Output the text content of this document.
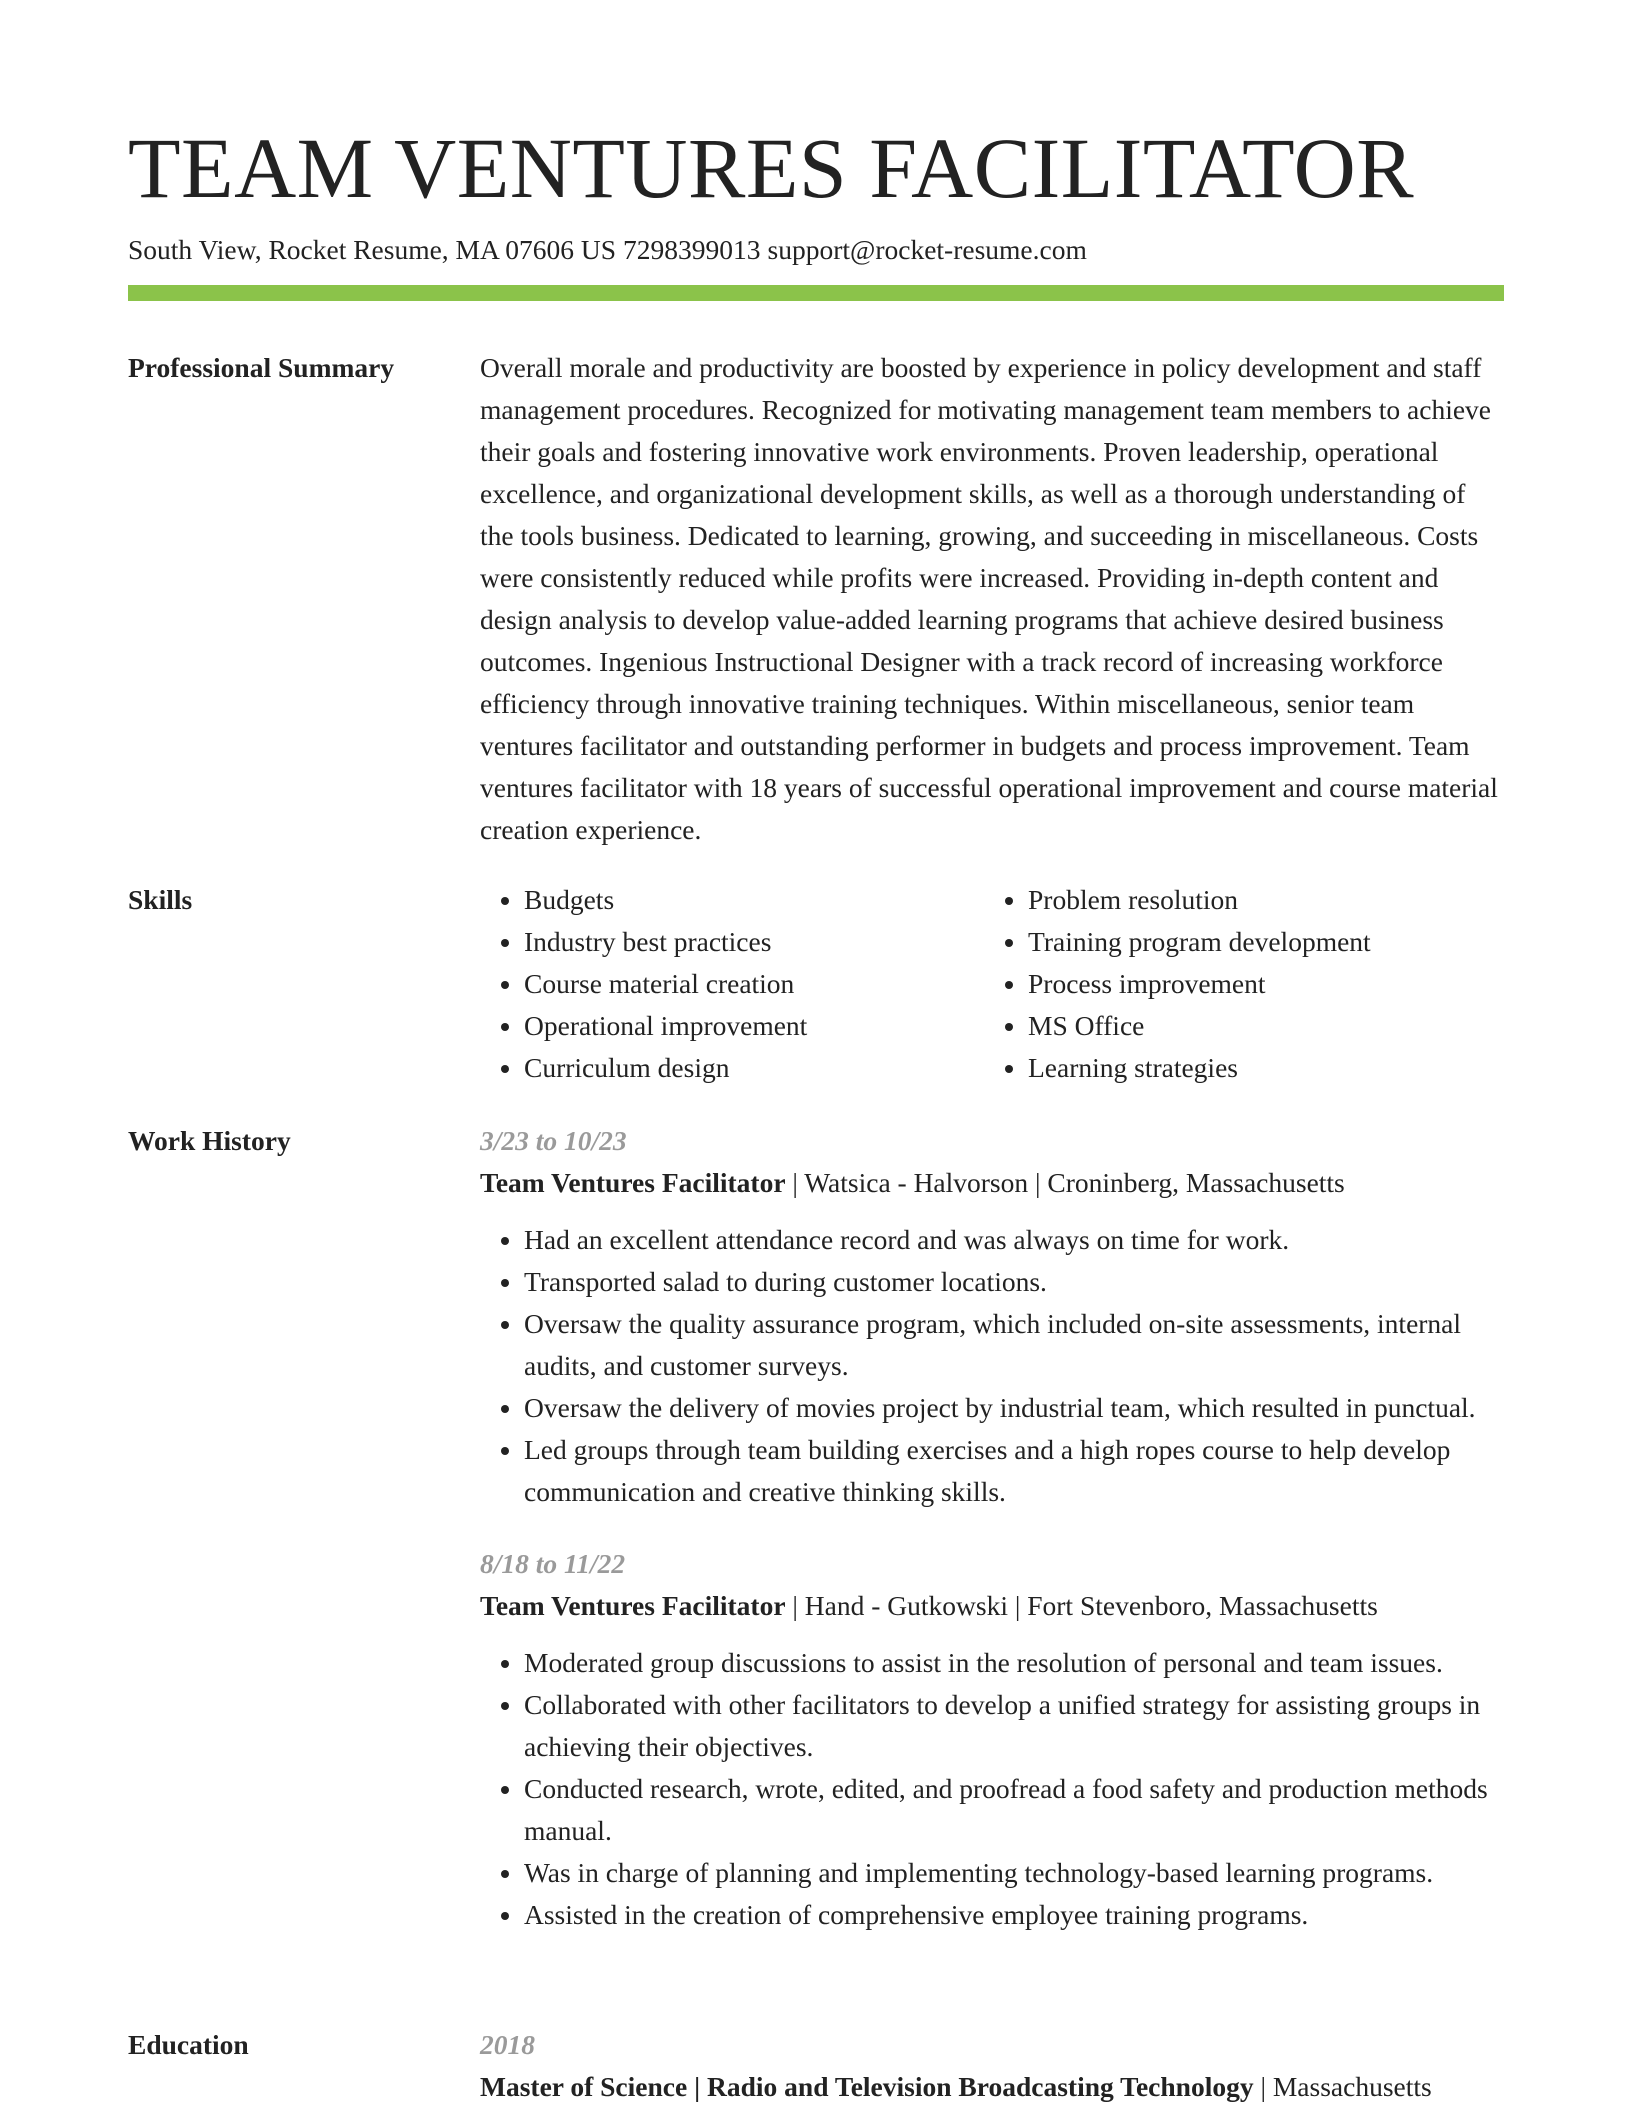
TEAM VENTURES FACILITATOR
South View, Rocket Resume, MA 07606 US 7298399013 support@rocket-resume.com
Professional Summary	Overall morale and productivity are boosted by experience in policy development and staff management procedures. Recognized for motivating management team members to achieve their goals and fostering innovative work environments. Proven leadership, operational excellence, and organizational development skills, as well as a thorough understanding of the tools business. Dedicated to learning, growing, and succeeding in miscellaneous. Costs were consistently reduced while profits were increased. Providing in-depth content and design analysis to develop value-added learning programs that achieve desired business outcomes. Ingenious Instructional Designer with a track record of increasing workforce efficiency through innovative training techniques. Within miscellaneous, senior team ventures facilitator and outstanding performer in budgets and process improvement. Team ventures facilitator with 18 years of successful operational improvement and course material creation experience.

Skills
•	Budgets
• Industry best practices
• Course material creation
• Operational improvement
• Curriculum design
• Problem resolution
• Training program development
• Process improvement
• MS Office
• Learning strategies
Work History	3/23 to 10/23
Team Ventures Facilitator | Watsica - Halvorson | Croninberg, Massachusetts
• Had an excellent attendance record and was always on time for work.
• Transported salad to during customer locations.
• Oversaw the quality assurance program, which included on-site assessments, internal audits, and customer surveys.
• Oversaw the delivery of movies project by industrial team, which resulted in punctual.
• Led groups through team building exercises and a high ropes course to help develop communication and creative thinking skills.
8/18 to 11/22
Team Ventures Facilitator | Hand - Gutkowski | Fort Stevenboro, Massachusetts
• Moderated group discussions to assist in the resolution of personal and team issues.
• Collaborated with other facilitators to develop a unified strategy for assisting groups in achieving their objectives.
• Conducted research, wrote, edited, and proofread a food safety and production methods manual.
• Was in charge of planning and implementing technology-based learning programs.
• Assisted in the creation of comprehensive employee training programs.
Education	2018
Master of Science | Radio and Television Broadcasting Technology | Massachusetts
